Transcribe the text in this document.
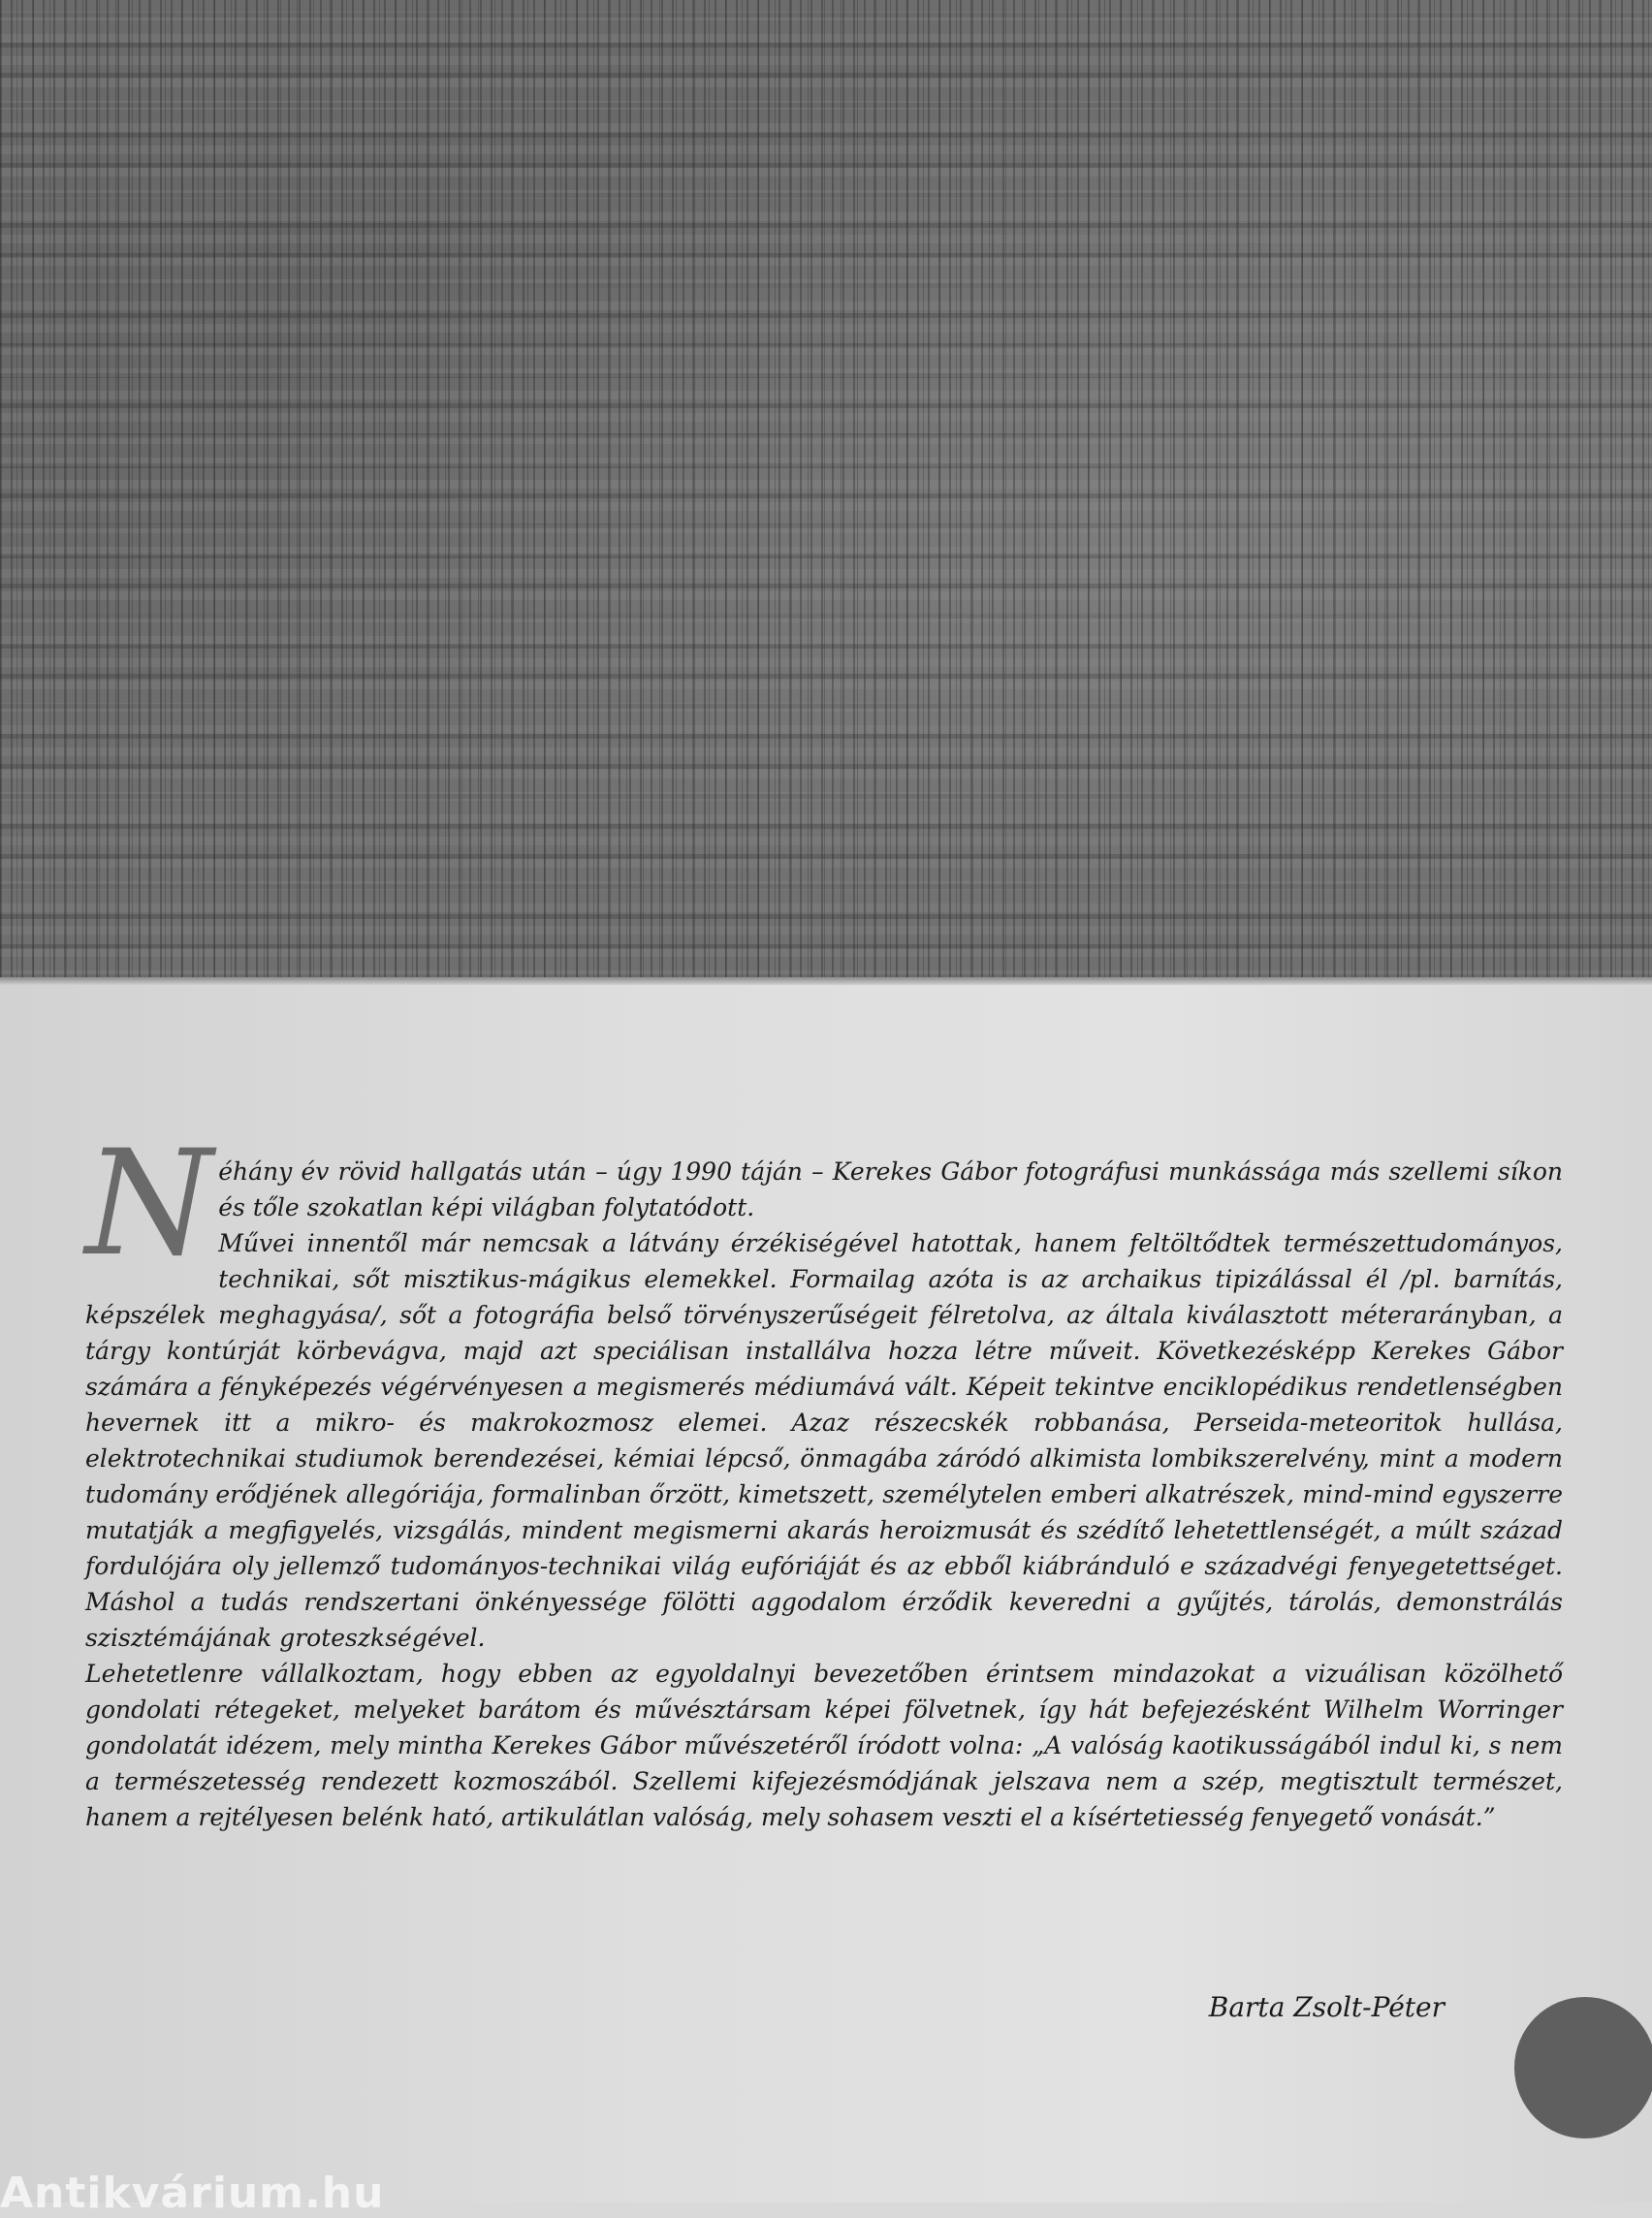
Néhány év rövid hallgatás után – úgy 1990 táján – Kerekes Gábor fotográfusi munkássága más szellemi síkon és tőle szokatlan képi világban folytatódott.

Művei innentől már nemcsak a látvány érzékiségével hatottak, hanem feltöltődtek természettudományos, technikai, sőt misztikus-mágikus elemekkel. Formailag azóta is az archaikus tipizálással él /pl. barnítás, képszélek meghagyása/, sőt a fotográfia belső törvényszerűségeit félretolva, az általa kiválasztott méterarányban, a tárgy kontúrját körbevágva, majd azt speciálisan installálva hozza létre műveit. Következésképp Kerekes Gábor számára a fényképezés végérvényesen a megismerés médiumává vált. Képeit tekintve enciklopédikus rendetlenségben hevernek itt a mikro- és makrokozmosz elemei. Azaz részecskék robbanása, Perseida-meteoritok hullása, elektrotechnikai studiumok berendezései, kémiai lépcső, önmagába záródó alkimista lombikszerelvény, mint a modern tudomány erődjének allegóriája, formalinban őrzött, kimetszett, személytelen emberi alkatrészek, mind-mind egyszerre mutatják a megfigyelés, vizsgálás, mindent megismerni akarás heroizmusát és szédítő lehetettlenségét, a múlt század fordulójára oly jellemző tudományos-technikai világ eufóriáját és az ebből kiábránduló e századvégi fenyegetettséget. Máshol a tudás rendszertani önkényessége fölötti aggodalom érződik keveredni a gyűjtés, tárolás, demonstrálás szisztémájának groteszkségével.

Lehetetlenre vállalkoztam, hogy ebben az egyoldalnyi bevezetőben érintsem mindazokat a vizuálisan közölhető gondolati rétegeket, melyeket barátom és művésztársam képei fölvetnek, így hát befejezésként Wilhelm Worringer gondolatát idézem, mely mintha Kerekes Gábor művészetéről íródott volna: „A valóság kaotikusságából indul ki, s nem a természetesség rendezett kozmoszából. Szellemi kifejezésmódjának jelszava nem a szép, megtisztult természet, hanem a rejtélyesen belénk ható, artikulátlan valóság, mely sohasem veszti el a kísértetiesség fenyegető vonását.”

Barta Zsolt-Péter
Antikvárium.hu
